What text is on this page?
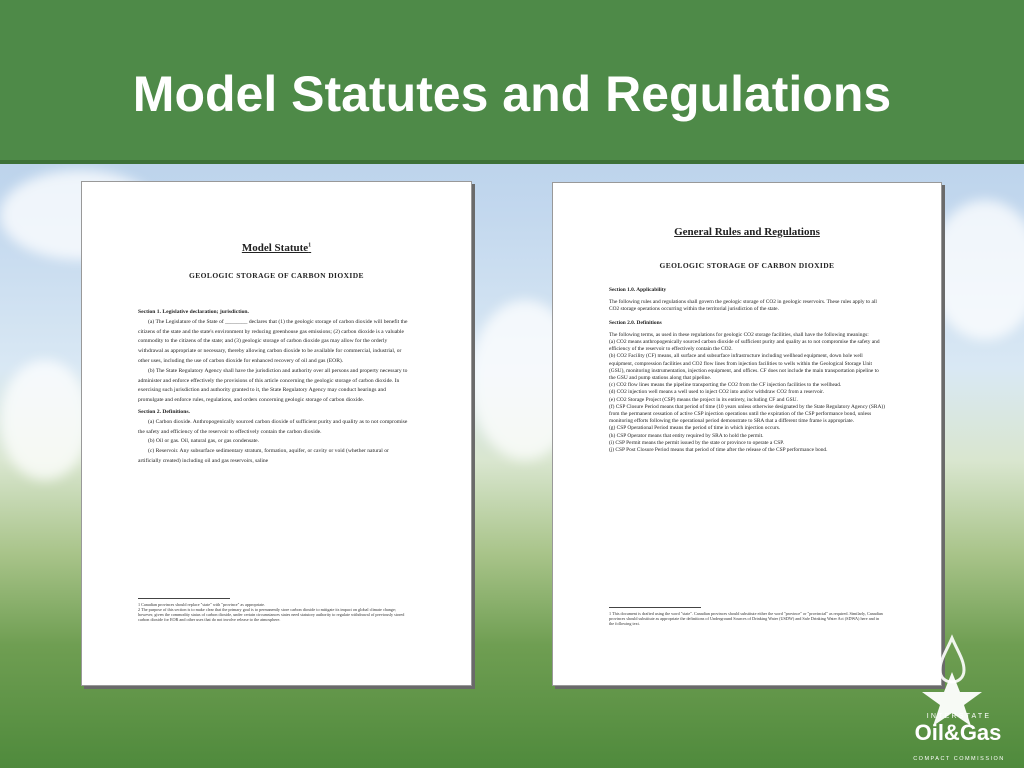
Model Statutes and Regulations
Model Statute$^1$
GEOLOGIC STORAGE OF CARBON DIOXIDE

Section 1. Legislative declaration; jurisdiction.

(a) The Legislature of the State of ________ declares that (1) the geologic storage of carbon dioxide will benefit the citizens of the state and the state's environment by reducing greenhouse gas emissions; (2) carbon dioxide is a valuable commodity to the citizens of the state; and (3) geologic storage of carbon dioxide gas may allow for the orderly withdrawal as appropriate or necessary, thereby allowing carbon dioxide to be available for commercial, industrial, or other uses, including the use of carbon dioxide for enhanced recovery of oil and gas (EOR).

(b) The State Regulatory Agency shall have the jurisdiction and authority over all persons and property necessary to administer and enforce effectively the provisions of this article concerning the geologic storage of carbon dioxide. In exercising such jurisdiction and authority granted to it, the State Regulatory Agency may conduct hearings and promulgate and enforce rules, regulations, and orders concerning geologic storage of carbon dioxide.

Section 2. Definitions.

(a) Carbon dioxide. Anthropogenically sourced carbon dioxide of sufficient purity and quality as to not compromise the safety and efficiency of the reservoir to effectively contain the carbon dioxide.

(b) Oil or gas. Oil, natural gas, or gas condensate.

(c) Reservoir. Any subsurface sedimentary stratum, formation, aquifer, or cavity or void (whether natural or artificially created) including oil and gas reservoirs, saline

1 Canadian provinces should replace "state" with "province" as appropriate.
2 The purpose of this section is to make clear that the primary goal is to permanently store carbon dioxide to mitigate its impact on global climate change; however, given the commodity status of carbon dioxide, under certain circumstances states need statutory authority to regulate withdrawal of previously stored carbon dioxide for EOR and other uses that do not involve release to the atmosphere.
General Rules and Regulations
GEOLOGIC STORAGE OF CARBON DIOXIDE

Section 1.0. Applicability

The following rules and regulations shall govern the geologic storage of CO2 in geologic reservoirs. These rules apply to all CO2 storage operations occurring within the territorial jurisdiction of the state.

Section 2.0. Definitions

The following terms, as used in these regulations for geologic CO2 storage facilities, shall have the following meanings:

(a) CO2 means anthropogenically sourced carbon dioxide of sufficient purity and quality as to not compromise the safety and efficiency of the reservoir to effectively contain the CO2.

(b) CO2 Facility (CF) means, all surface and subsurface infrastructure including wellhead equipment, down hole well equipment, compression facilities and CO2 flow lines from injection facilities to wells within the Geological Storage Unit (GSU), monitoring instrumentation, injection equipment, and offices. CF does not include the main transportation pipeline to the GSU and pump stations along that pipeline.

(c) CO2 flow lines means the pipeline transporting the CO2 from the CF injection facilities to the wellhead.

(d) CO2 injection well means a well used to inject CO2 into and/or withdraw CO2 from a reservoir.

(e) CO2 Storage Project (CSP) means the project in its entirety, including CF and GSU.

(f) CSP Closure Period means that period of time (10 years unless otherwise designated by the State Regulatory Agency (SRA)) from the permanent cessation of active CSP injection operations until the expiration of the CSP performance bond, unless monitoring efforts following the operational period demonstrate to SRA that a different time frame is appropriate.

(g) CSP Operational Period means the period of time in which injection occurs.

(h) CSP Operator means that entity required by SRA to hold the permit.

(i) CSP Permit means the permit issued by the state or province to operate a CSP.

(j) CSP Post Closure Period means that period of time after the release of the CSP performance bond.

1 This document is drafted using the word "state". Canadian provinces should substitute either the word "province" or "provincial" as required. Similarly, Canadian provinces should substitute as appropriate the definitions of Underground Sources of Drinking Water (USDW) and Safe Drinking Water Act (SDWA) here and in the following text.
INTERSTATE
Oil&Gas
COMPACT COMMISSION
